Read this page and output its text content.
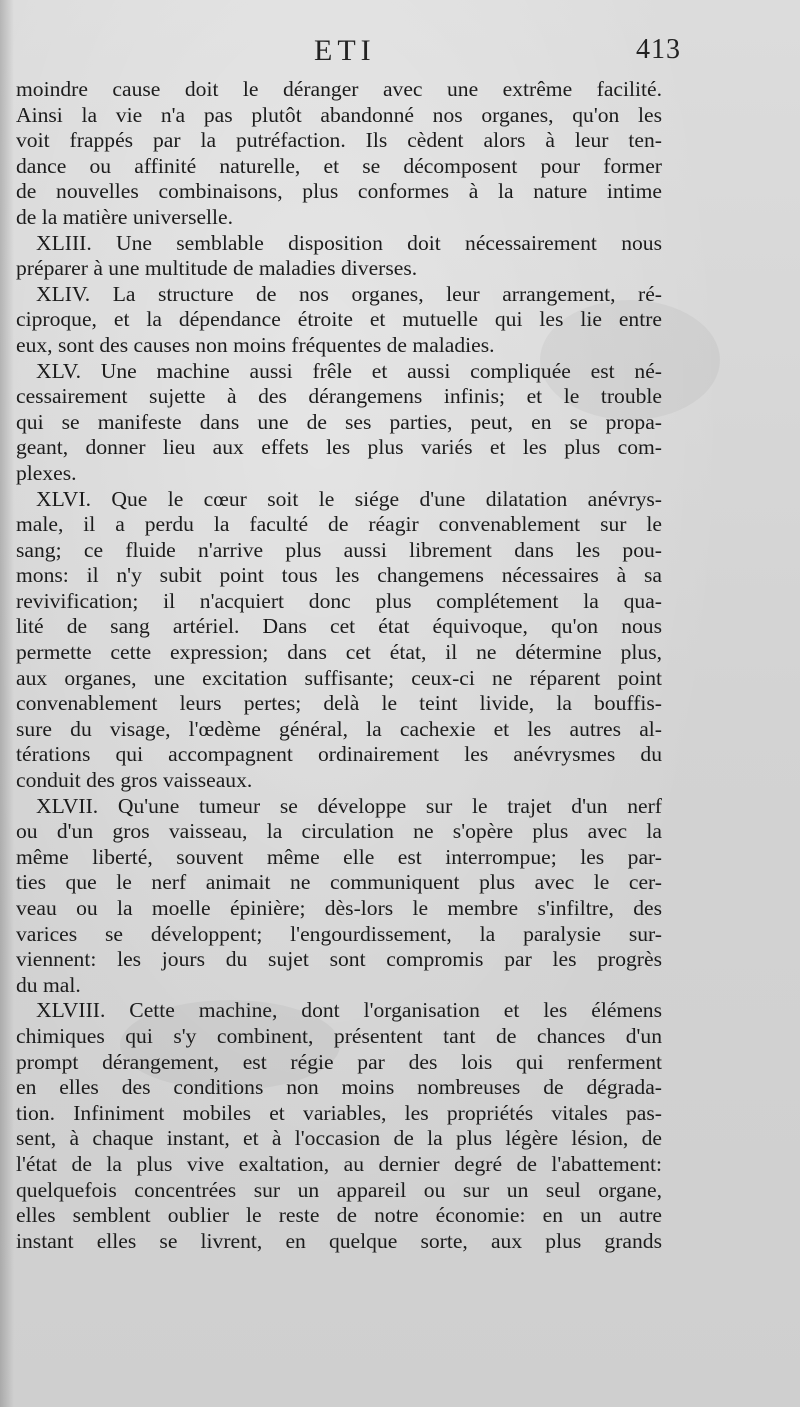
ETI	413
moindre cause doit le déranger avec une extrême facilité.
Ainsi la vie n'a pas plutôt abandonné nos organes, qu'on les
voit frappés par la putréfaction. Ils cèdent alors à leur ten-
dance ou affinité naturelle, et se décomposent pour former
de nouvelles combinaisons, plus conformes à la nature intime
de la matière universelle.
XLIII. Une semblable disposition doit nécessairement nous
préparer à une multitude de maladies diverses.
XLIV. La structure de nos organes, leur arrangement, ré-
ciproque, et la dépendance étroite et mutuelle qui les lie entre
eux, sont des causes non moins fréquentes de maladies.
XLV. Une machine aussi frêle et aussi compliquée est né-
cessairement sujette à des dérangemens infinis; et le trouble
qui se manifeste dans une de ses parties, peut, en se propa-
geant, donner lieu aux effets les plus variés et les plus com-
plexes.
XLVI. Que le cœur soit le siége d'une dilatation anévrys-
male, il a perdu la faculté de réagir convenablement sur le
sang; ce fluide n'arrive plus aussi librement dans les pou-
mons: il n'y subit point tous les changemens nécessaires à sa
revivification; il n'acquiert donc plus complétement la qua-
lité de sang artériel. Dans cet état équivoque, qu'on nous
permette cette expression; dans cet état, il ne détermine plus,
aux organes, une excitation suffisante; ceux-ci ne réparent point
convenablement leurs pertes; delà le teint livide, la bouffis-
sure du visage, l'œdème général, la cachexie et les autres al-
térations qui accompagnent ordinairement les anévrysmes du
conduit des gros vaisseaux.
XLVII. Qu'une tumeur se développe sur le trajet d'un nerf
ou d'un gros vaisseau, la circulation ne s'opère plus avec la
même liberté, souvent même elle est interrompue; les par-
ties que le nerf animait ne communiquent plus avec le cer-
veau ou la moelle épinière; dès-lors le membre s'infiltre, des
varices se développent; l'engourdissement, la paralysie sur-
viennent: les jours du sujet sont compromis par les progrès
du mal.
XLVIII. Cette machine, dont l'organisation et les élémens
chimiques qui s'y combinent, présentent tant de chances d'un
prompt dérangement, est régie par des lois qui renferment
en elles des conditions non moins nombreuses de dégrada-
tion. Infiniment mobiles et variables, les propriétés vitales pas-
sent, à chaque instant, et à l'occasion de la plus légère lésion, de
l'état de la plus vive exaltation, au dernier degré de l'abattement:
quelquefois concentrées sur un appareil ou sur un seul organe,
elles semblent oublier le reste de notre économie: en un autre
instant elles se livrent, en quelque sorte, aux plus grands
